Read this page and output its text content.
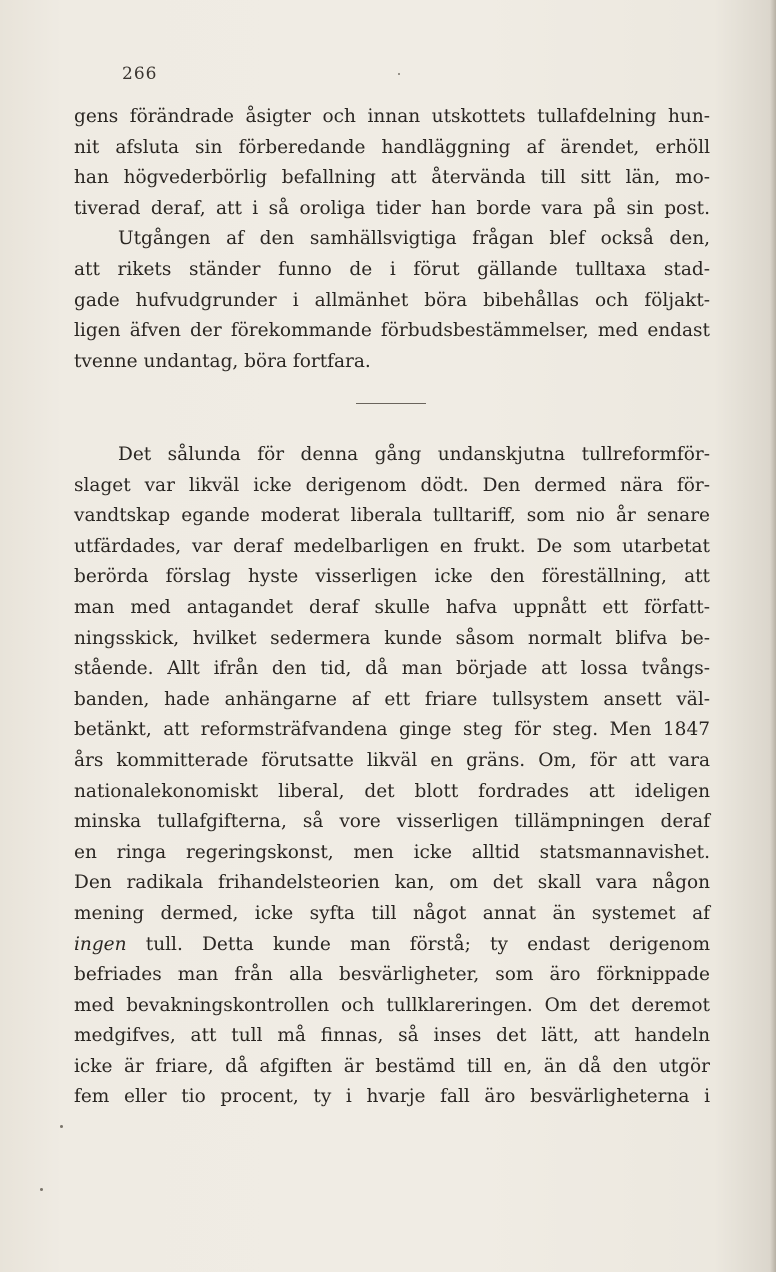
266
gens förändrade åsigter och innan utskottets tullafdelning hun-
nit afsluta sin förberedande handläggning af ärendet, erhöll
han högvederbörlig befallning att återvända till sitt län, mo-
tiverad deraf, att i så oroliga tider han borde vara på sin post.
Utgången af den samhällsvigtiga frågan blef också den,
att rikets ständer funno de i förut gällande tulltaxa stad-
gade hufvudgrunder i allmänhet böra bibehållas och följakt-
ligen äfven der förekommande förbudsbestämmelser, med endast
tvenne undantag, böra fortfara.
Det sålunda för denna gång undanskjutna tullreformför-
slaget var likväl icke derigenom dödt. Den dermed nära för-
vandtskap egande moderat liberala tulltariff, som nio år senare
utfärdades, var deraf medelbarligen en frukt. De som utarbetat
berörda förslag hyste visserligen icke den föreställning, att
man med antagandet deraf skulle hafva uppnått ett författ-
ningsskick, hvilket sedermera kunde såsom normalt blifva be-
stående. Allt ifrån den tid, då man började att lossa tvångs-
banden, hade anhängarne af ett friare tullsystem ansett väl-
betänkt, att reformsträfvandena ginge steg för steg. Men 1847
års kommitterade förutsatte likväl en gräns. Om, för att vara
nationalekonomiskt liberal, det blott fordrades att ideligen
minska tullafgifterna, så vore visserligen tillämpningen deraf
en ringa regeringskonst, men icke alltid statsmannavishet.
Den radikala frihandelsteorien kan, om det skall vara någon
mening dermed, icke syfta till något annat än systemet af
ingen tull. Detta kunde man förstå; ty endast derigenom
befriades man från alla besvärligheter, som äro förknippade
med bevakningskontrollen och tullklareringen. Om det deremot
medgifves, att tull må finnas, så inses det lätt, att handeln
icke är friare, då afgiften är bestämd till en, än då den utgör
fem eller tio procent, ty i hvarje fall äro besvärligheterna i
